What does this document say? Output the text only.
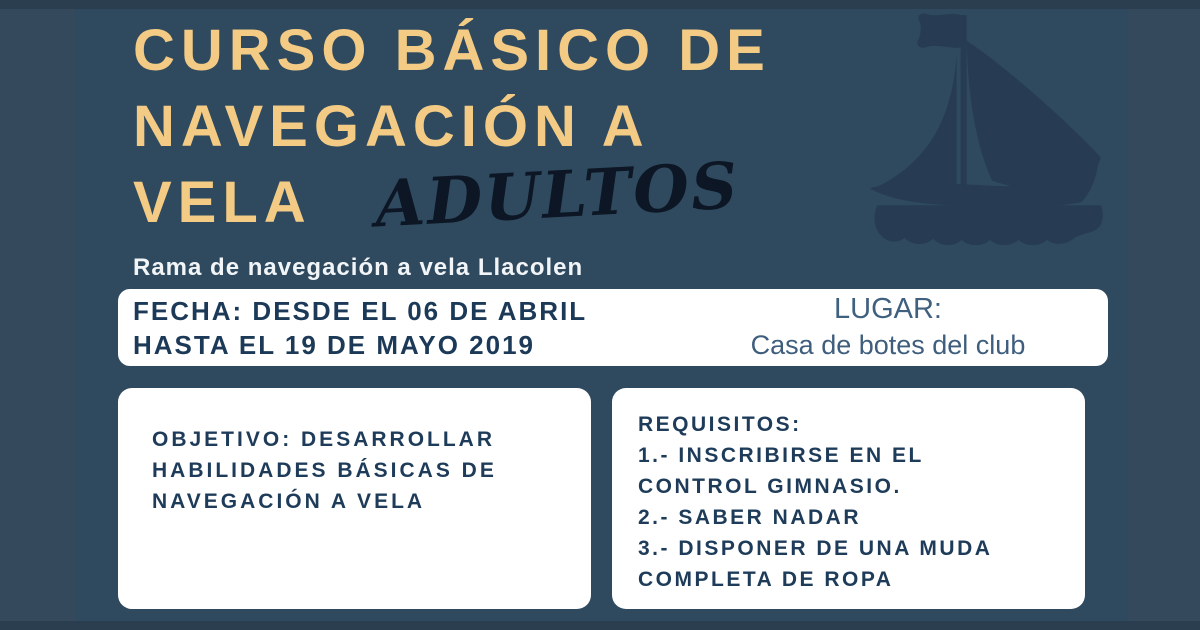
CURSO BÁSICO DE
NAVEGACIÓN A
VELA ADULTOS
Rama de navegación a vela Llacolen
FECHA: DESDE EL 06 DE ABRIL
HASTA EL 19 DE MAYO 2019
LUGAR:
Casa de botes del club
OBJETIVO: DESARROLLAR
HABILIDADES BÁSICAS DE
NAVEGACIÓN A VELA
REQUISITOS:
1.- INSCRIBIRSE EN EL
CONTROL GIMNASIO.
2.- SABER NADAR
3.- DISPONER DE UNA MUDA
COMPLETA DE ROPA
